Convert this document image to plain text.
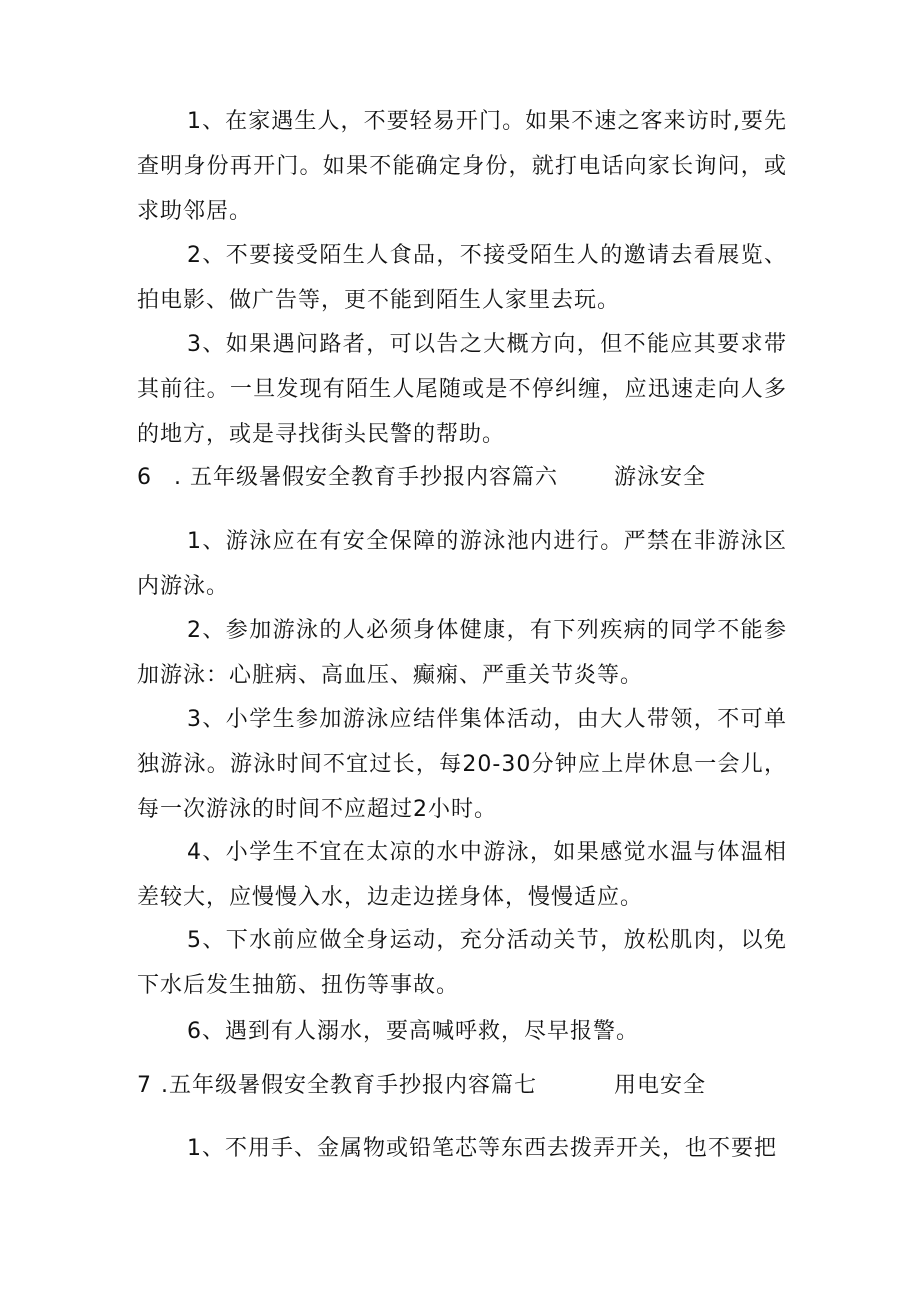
1、在家遇生人，不要轻易开门。如果不速之客来访时,要先查明身份再开门。如果不能确定身份，就打电话向家长询问，或求助邻居。

2、不要接受陌生人食品，不接受陌生人的邀请去看展览、拍电影、做广告等，更不能到陌生人家里去玩。

3、如果遇问路者，可以告之大概方向，但不能应其要求带其前往。一旦发现有陌生人尾随或是不停纠缠，应迅速走向人多的地方，或是寻找街头民警的帮助。

6 . 五年级暑假安全教育手抄报内容篇六	游泳安全

1、游泳应在有安全保障的游泳池内进行。严禁在非游泳区内游泳。

2、参加游泳的人必须身体健康，有下列疾病的同学不能参加游泳：心脏病、高血压、癫痫、严重关节炎等。

3、小学生参加游泳应结伴集体活动，由大人带领，不可单独游泳。游泳时间不宜过长，每20-30分钟应上岸休息一会儿，每一次游泳的时间不应超过2小时。

4、小学生不宜在太凉的水中游泳，如果感觉水温与体温相差较大，应慢慢入水，边走边搓身体，慢慢适应。

5、下水前应做全身运动，充分活动关节，放松肌肉，以免下水后发生抽筋、扭伤等事故。

6、遇到有人溺水，要高喊呼救，尽早报警。

7 .五年级暑假安全教育手抄报内容篇七	用电安全

1、不用手、金属物或铅笔芯等东西去拨弄开关，也不要把
